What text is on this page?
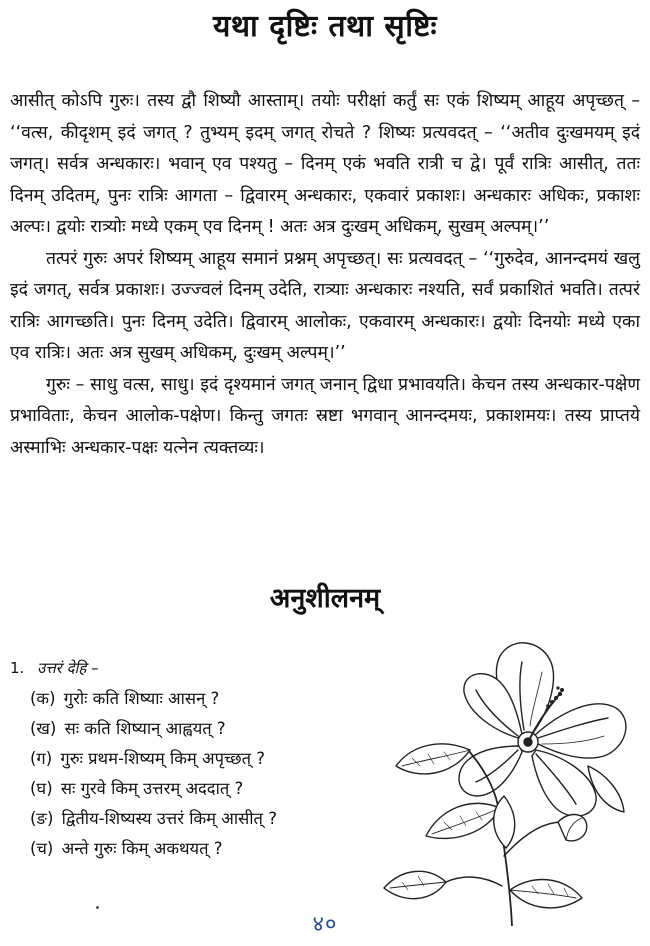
यथा दृष्टिः तथा सृष्टिः

आसीत् कोऽपि गुरुः। तस्य द्वौ शिष्यौ आस्ताम्। तयोः परीक्षां कर्तुं सः एकं शिष्यम् आहूय अपृच्छत् – ‘‘वत्स, कीदृशम् इदं जगत् ? तुभ्यम् इदम् जगत् रोचते ? शिष्यः प्रत्यवदत् – ‘‘अतीव दुःखमयम् इदं जगत्। सर्वत्र अन्धकारः। भवान् एव पश्यतु – दिनम् एकं भवति रात्री च द्वे। पूर्वं रात्रिः आसीत्, ततः दिनम् उदितम्, पुनः रात्रिः आगता – द्विवारम् अन्धकारः, एकवारं प्रकाशः। अन्धकारः अधिकः, प्रकाशः अल्पः। द्वयोः रात्र्योः मध्ये एकम् एव दिनम् ! अतः अत्र दुःखम् अधिकम्, सुखम् अल्पम्।’’

तत्परं गुरुः अपरं शिष्यम् आहूय समानं प्रश्नम् अपृच्छत्। सः प्रत्यवदत् – ‘‘गुरुदेव, आनन्दमयं खलु इदं जगत्, सर्वत्र प्रकाशः। उज्ज्वलं दिनम् उदेति, रात्र्याः अन्धकारः नश्यति, सर्वं प्रकाशितं भवति। तत्परं रात्रिः आगच्छति। पुनः दिनम् उदेति। द्विवारम् आलोकः, एकवारम् अन्धकारः। द्वयोः दिनयोः मध्ये एका एव रात्रिः। अतः अत्र सुखम् अधिकम्, दुःखम् अल्पम्।’’

गुरुः – साधु वत्स, साधु। इदं दृश्यमानं जगत् जनान् द्विधा प्रभावयति। केचन तस्य अन्धकार-पक्षेण प्रभाविताः, केचन आलोक-पक्षेण। किन्तु जगतः स्रष्टा भगवान् आनन्दमयः, प्रकाशमयः। तस्य प्राप्तये अस्माभिः अन्धकार-पक्षः यत्नेन त्यक्तव्यः।

अनुशीलनम्
1. उत्तरं देहि –
(क) गुरोः कति शिष्याः आसन् ?
(ख) सः कति शिष्यान् आह्वयत् ?
(ग) गुरुः प्रथम-शिष्यम् किम् अपृच्छत् ?
(घ) सः गुरवे किम् उत्तरम् अददात् ?
(ङ) द्वितीय-शिष्यस्य उत्तरं किम् आसीत् ?
(च) अन्ते गुरुः किम् अकथयत् ?
४०
